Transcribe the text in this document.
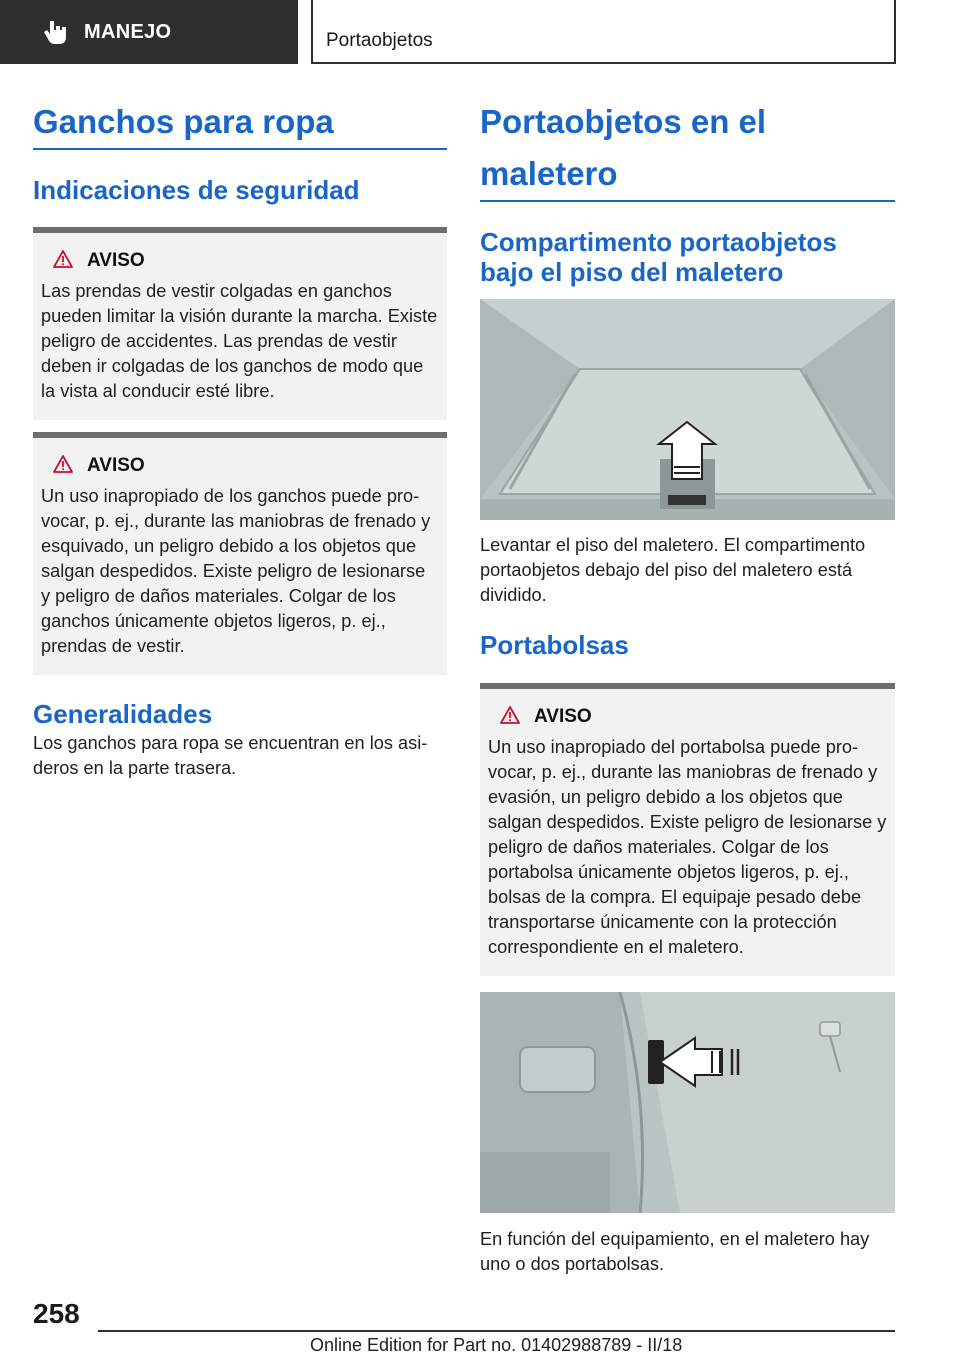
MANEJO	Portaobjetos
Ganchos para ropa
Indicaciones de seguridad
AVISO
Las prendas de vestir colgadas en ganchos pueden limitar la visión durante la marcha. Existe peligro de accidentes. Las prendas de vestir deben ir colgadas de los ganchos de modo que la vista al conducir esté libre.
AVISO
Un uso inapropiado de los ganchos puede pro‐vocar, p. ej., durante las maniobras de frenado y esquivado, un peligro debido a los objetos que salgan despedidos. Existe peligro de lesionarse y peligro de daños materiales. Colgar de los ganchos únicamente objetos ligeros, p. ej., prendas de vestir.
Generalidades

Los ganchos para ropa se encuentran en los asi‐deros en la parte trasera.

Portaobjetos en el maletero
Compartimento portaobjetos bajo el piso del maletero

Levantar el piso del maletero. El compartimento portaobjetos debajo del piso del maletero está dividido.

Portabolsas
AVISO
Un uso inapropiado del portabolsa puede pro‐vocar, p. ej., durante las maniobras de frenado y evasión, un peligro debido a los objetos que salgan despedidos. Existe peligro de lesionarse y peligro de daños materiales. Colgar de los portabolsa únicamente objetos ligeros, p. ej., bolsas de la compra. El equipaje pesado debe transportarse únicamente con la protección correspondiente en el maletero.

En función del equipamiento, en el maletero hay uno o dos portabolsas.

258
Online Edition for Part no. 01402988789 - II/18
